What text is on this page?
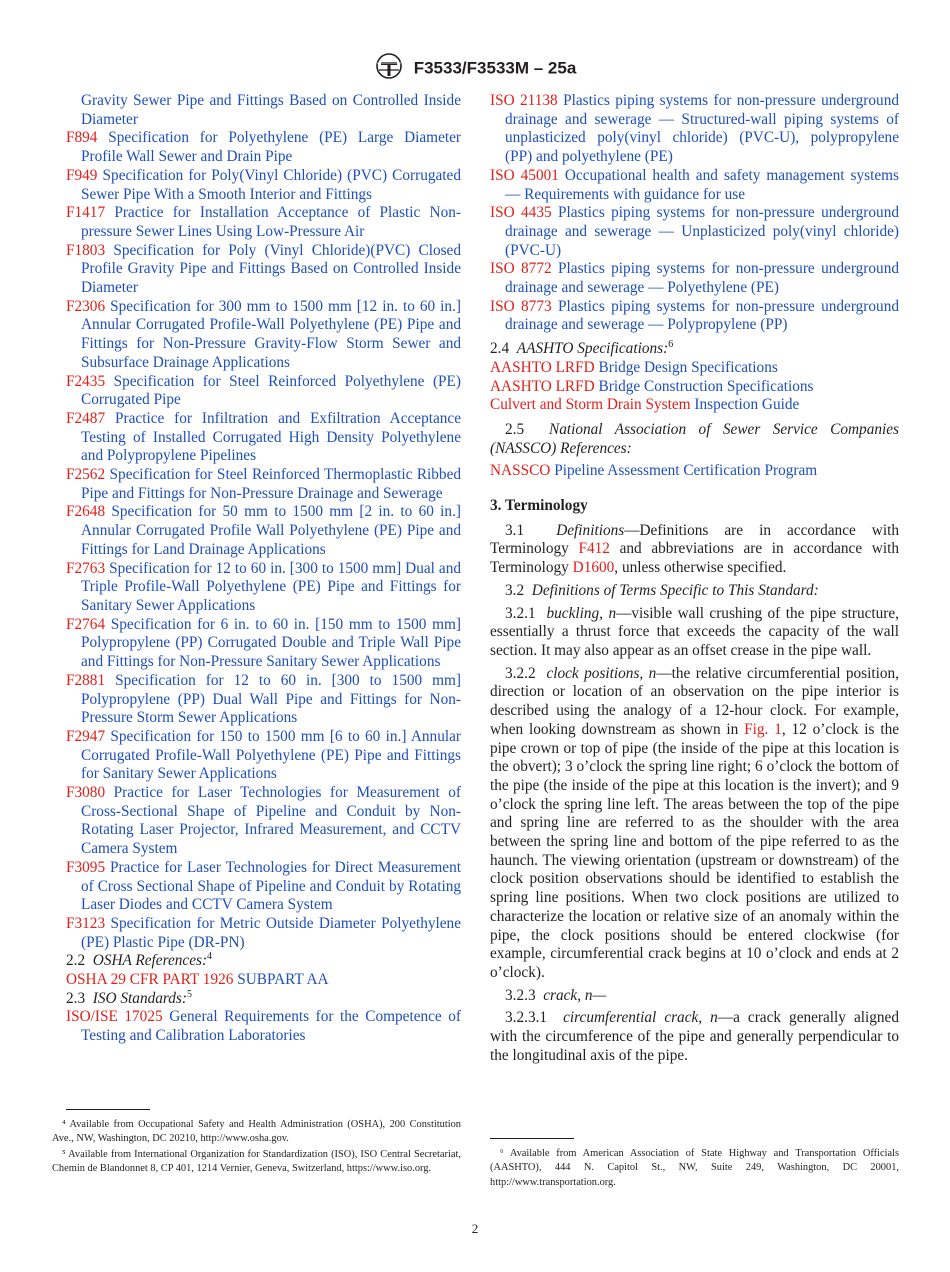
F3533/F3533M – 25a
Gravity Sewer Pipe and Fittings Based on Controlled Inside Diameter
F894 Specification for Polyethylene (PE) Large Diameter Profile Wall Sewer and Drain Pipe
F949 Specification for Poly(Vinyl Chloride) (PVC) Corrugated Sewer Pipe With a Smooth Interior and Fittings
F1417 Practice for Installation Acceptance of Plastic Non-pressure Sewer Lines Using Low-Pressure Air
F1803 Specification for Poly (Vinyl Chloride)(PVC) Closed Profile Gravity Pipe and Fittings Based on Controlled Inside Diameter
F2306 Specification for 300 mm to 1500 mm [12 in. to 60 in.] Annular Corrugated Profile-Wall Polyethylene (PE) Pipe and Fittings for Non-Pressure Gravity-Flow Storm Sewer and Subsurface Drainage Applications
F2435 Specification for Steel Reinforced Polyethylene (PE) Corrugated Pipe
F2487 Practice for Infiltration and Exfiltration Acceptance Testing of Installed Corrugated High Density Polyethylene and Polypropylene Pipelines
F2562 Specification for Steel Reinforced Thermoplastic Ribbed Pipe and Fittings for Non-Pressure Drainage and Sewerage
F2648 Specification for 50 mm to 1500 mm [2 in. to 60 in.] Annular Corrugated Profile Wall Polyethylene (PE) Pipe and Fittings for Land Drainage Applications
F2763 Specification for 12 to 60 in. [300 to 1500 mm] Dual and Triple Profile-Wall Polyethylene (PE) Pipe and Fittings for Sanitary Sewer Applications
F2764 Specification for 6 in. to 60 in. [150 mm to 1500 mm] Polypropylene (PP) Corrugated Double and Triple Wall Pipe and Fittings for Non-Pressure Sanitary Sewer Applications
F2881 Specification for 12 to 60 in. [300 to 1500 mm] Polypropylene (PP) Dual Wall Pipe and Fittings for Non-Pressure Storm Sewer Applications
F2947 Specification for 150 to 1500 mm [6 to 60 in.] Annular Corrugated Profile-Wall Polyethylene (PE) Pipe and Fittings for Sanitary Sewer Applications
F3080 Practice for Laser Technologies for Measurement of Cross-Sectional Shape of Pipeline and Conduit by Non-Rotating Laser Projector, Infrared Measurement, and CCTV Camera System
F3095 Practice for Laser Technologies for Direct Measurement of Cross Sectional Shape of Pipeline and Conduit by Rotating Laser Diodes and CCTV Camera System
F3123 Specification for Metric Outside Diameter Polyethylene (PE) Plastic Pipe (DR-PN)
2.2 OSHA References:$^4$
OSHA 29 CFR PART 1926 SUBPART AA
2.3 ISO Standards:$^5$
ISO/ISE 17025 General Requirements for the Competence of Testing and Calibration Laboratories
ISO 21138 Plastics piping systems for non-pressure underground drainage and sewerage — Structured-wall piping systems of unplasticized poly(vinyl chloride) (PVC-U), polypropylene (PP) and polyethylene (PE)
ISO 45001 Occupational health and safety management systems — Requirements with guidance for use
ISO 4435 Plastics piping systems for non-pressure underground drainage and sewerage — Unplasticized poly(vinyl chloride) (PVC-U)
ISO 8772 Plastics piping systems for non-pressure underground drainage and sewerage — Polyethylene (PE)
ISO 8773 Plastics piping systems for non-pressure underground drainage and sewerage — Polypropylene (PP)
2.4 AASHTO Specifications:$^6$
AASHTO LRFD Bridge Design Specifications
AASHTO LRFD Bridge Construction Specifications
Culvert and Storm Drain System Inspection Guide
2.5 National Association of Sewer Service Companies (NASSCO) References:
NASSCO Pipeline Assessment Certification Program
3. Terminology
3.1 Definitions—Definitions are in accordance with Terminology F412 and abbreviations are in accordance with Terminology D1600, unless otherwise specified.
3.2 Definitions of Terms Specific to This Standard:
3.2.1 buckling, n—visible wall crushing of the pipe structure, essentially a thrust force that exceeds the capacity of the wall section. It may also appear as an offset crease in the pipe wall.
3.2.2 clock positions, n—the relative circumferential position, direction or location of an observation on the pipe interior is described using the analogy of a 12-hour clock. For example, when looking downstream as shown in Fig. 1, 12 o’clock is the pipe crown or top of pipe (the inside of the pipe at this location is the obvert); 3 o’clock the spring line right; 6 o’clock the bottom of the pipe (the inside of the pipe at this location is the invert); and 9 o’clock the spring line left. The areas between the top of the pipe and spring line are referred to as the shoulder with the area between the spring line and bottom of the pipe referred to as the haunch. The viewing orientation (upstream or downstream) of the clock position observations should be identified to establish the spring line positions. When two clock positions are utilized to characterize the location or relative size of an anomaly within the pipe, the clock positions should be entered clockwise (for example, circumferential crack begins at 10 o’clock and ends at 2 o’clock).
3.2.3 crack, n—
3.2.3.1 circumferential crack, n—a crack generally aligned with the circumference of the pipe and generally perpendicular to the longitudinal axis of the pipe.
⁴ Available from Occupational Safety and Health Administration (OSHA), 200 Constitution Ave., NW, Washington, DC 20210, http://www.osha.gov.
⁵ Available from International Organization for Standardization (ISO), ISO Central Secretariat, Chemin de Blandonnet 8, CP 401, 1214 Vernier, Geneva, Switzerland, https://www.iso.org.
⁶ Available from American Association of State Highway and Transportation Officials (AASHTO), 444 N. Capitol St., NW, Suite 249, Washington, DC 20001, http://www.transportation.org.
2
